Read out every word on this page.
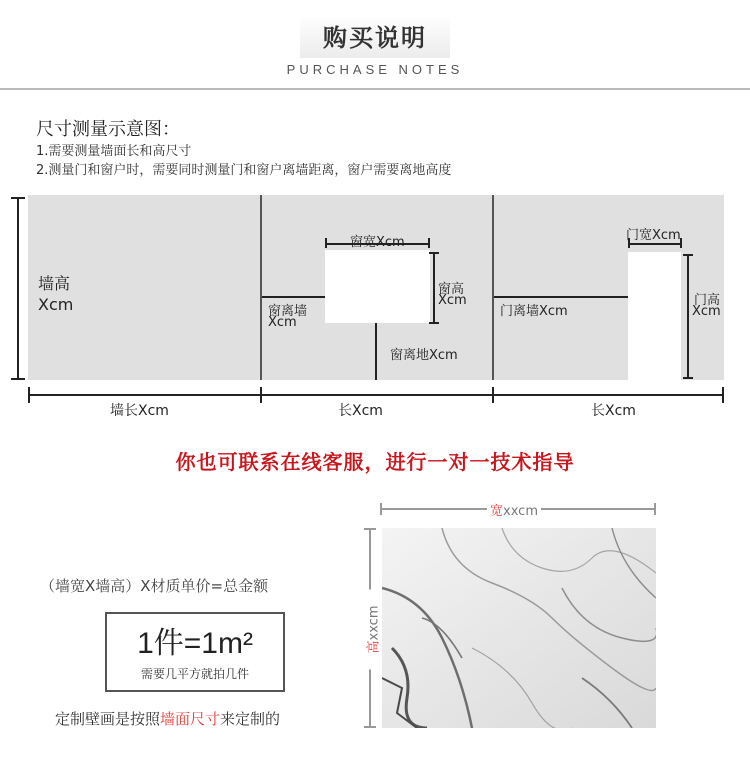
购买说明
PURCHASE NOTES
尺寸测量示意图：
1.需要测量墙面长和高尺寸
2.测量门和窗户时，需要同时测量门和窗户离墙距离，窗户需要离地高度
墙高
Xcm
墙长Xcm	长Xcm	长Xcm
窗宽Xcm
窗高
Xcm
窗离墙
Xcm
窗离地Xcm
门宽Xcm
门高
Xcm
门离墙Xcm
你也可联系在线客服，进行一对一技术指导
（墙宽X墙高）X材质单价=总金额
1件=1m²
需要几平方就拍几件
定制壁画是按照墙面尺寸来定制的
宽xxcm
高xxcm
